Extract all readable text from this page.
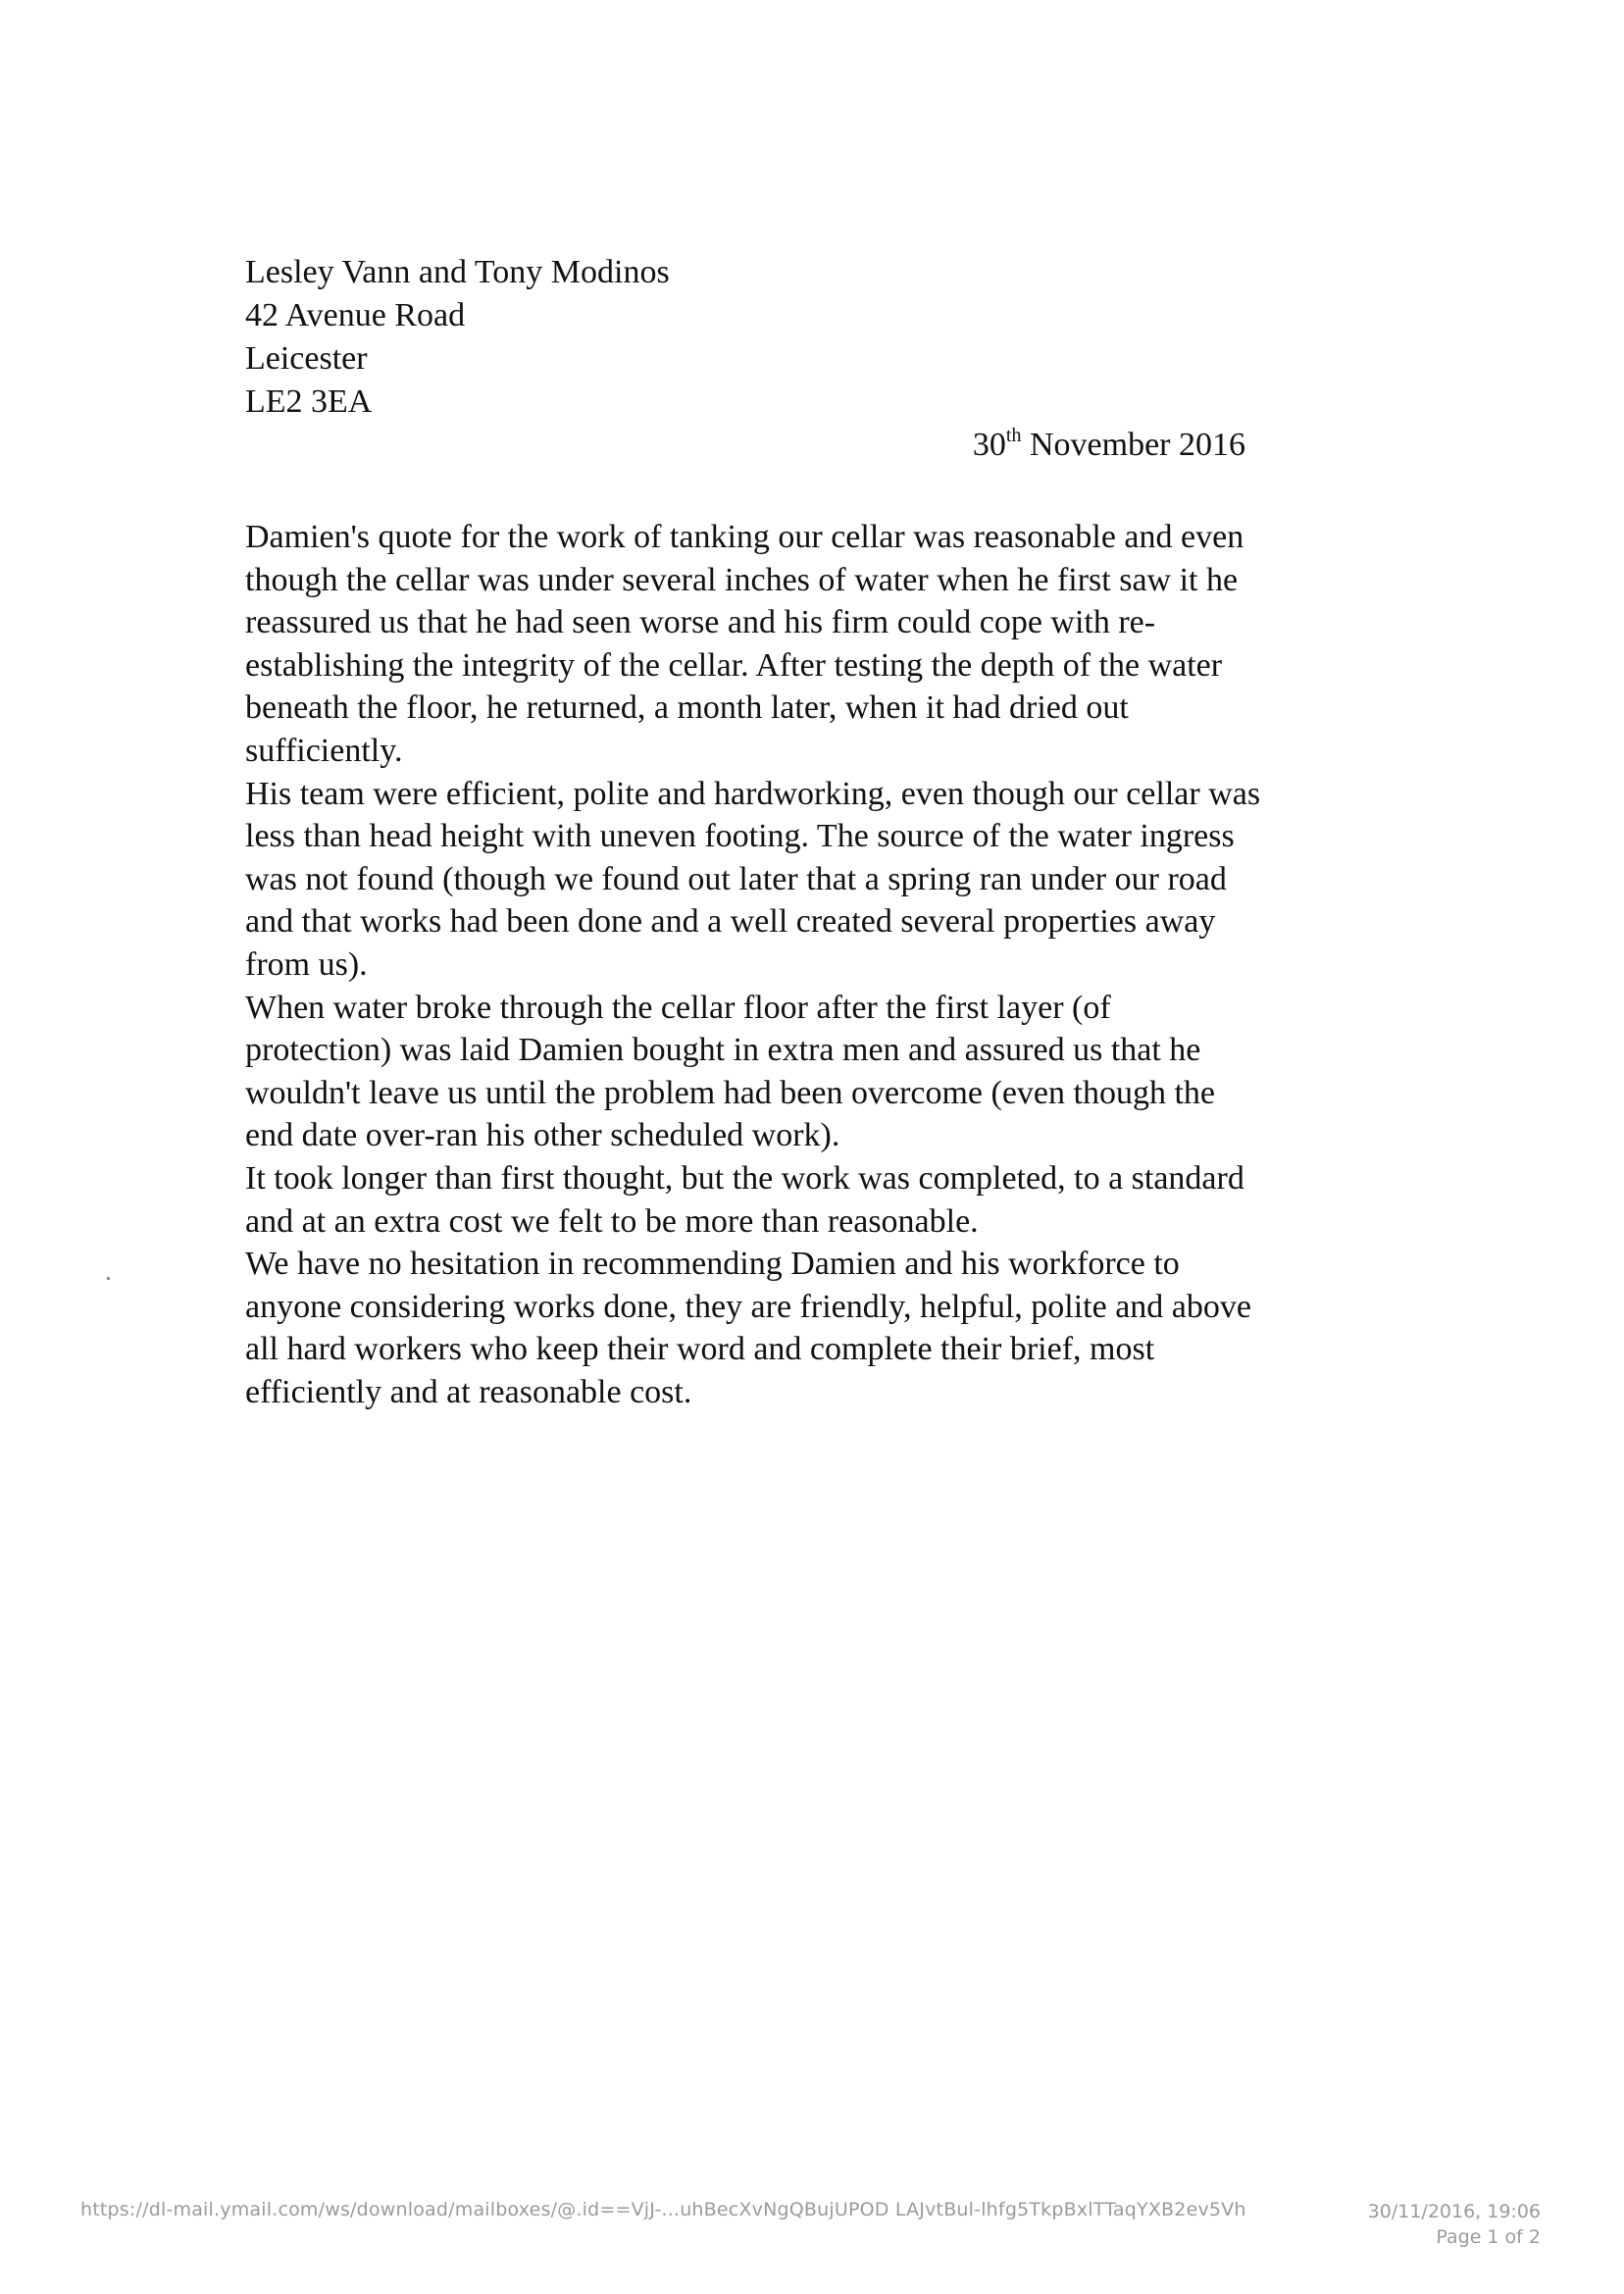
Lesley Vann and Tony Modinos
42 Avenue Road
Leicester
LE2 3EA
30th November 2016

Damien's quote for the work of tanking our cellar was reasonable and even though the cellar was under several inches of water when he first saw it he reassured us that he had seen worse and his firm could cope with re-establishing the integrity of the cellar. After testing the depth of the water beneath the floor, he returned, a month later, when it had dried out sufficiently.

His team were efficient, polite and hardworking, even though our cellar was less than head height with uneven footing. The source of the water ingress was not found (though we found out later that a spring ran under our road and that works had been done and a well created several properties away from us).

When water broke through the cellar floor after the first layer (of protection) was laid Damien bought in extra men and assured us that he wouldn't leave us until the problem had been overcome (even though the end date over-ran his other scheduled work).

It took longer than first thought, but the work was completed, to a standard and at an extra cost we felt to be more than reasonable.

We have no hesitation in recommending Damien and his workforce to anyone considering works done, they are friendly, helpful, polite and above all hard workers who keep their word and complete their brief, most efficiently and at reasonable cost.

https://dl-mail.ymail.com/ws/download/mailboxes/@.id==VjJ-...uhBecXvNgQBujUPOD LAJvtBul-lhfg5TkpBxlTTaqYXB2ev5Vh	30/11/2016, 19:06
Page 1 of 2
